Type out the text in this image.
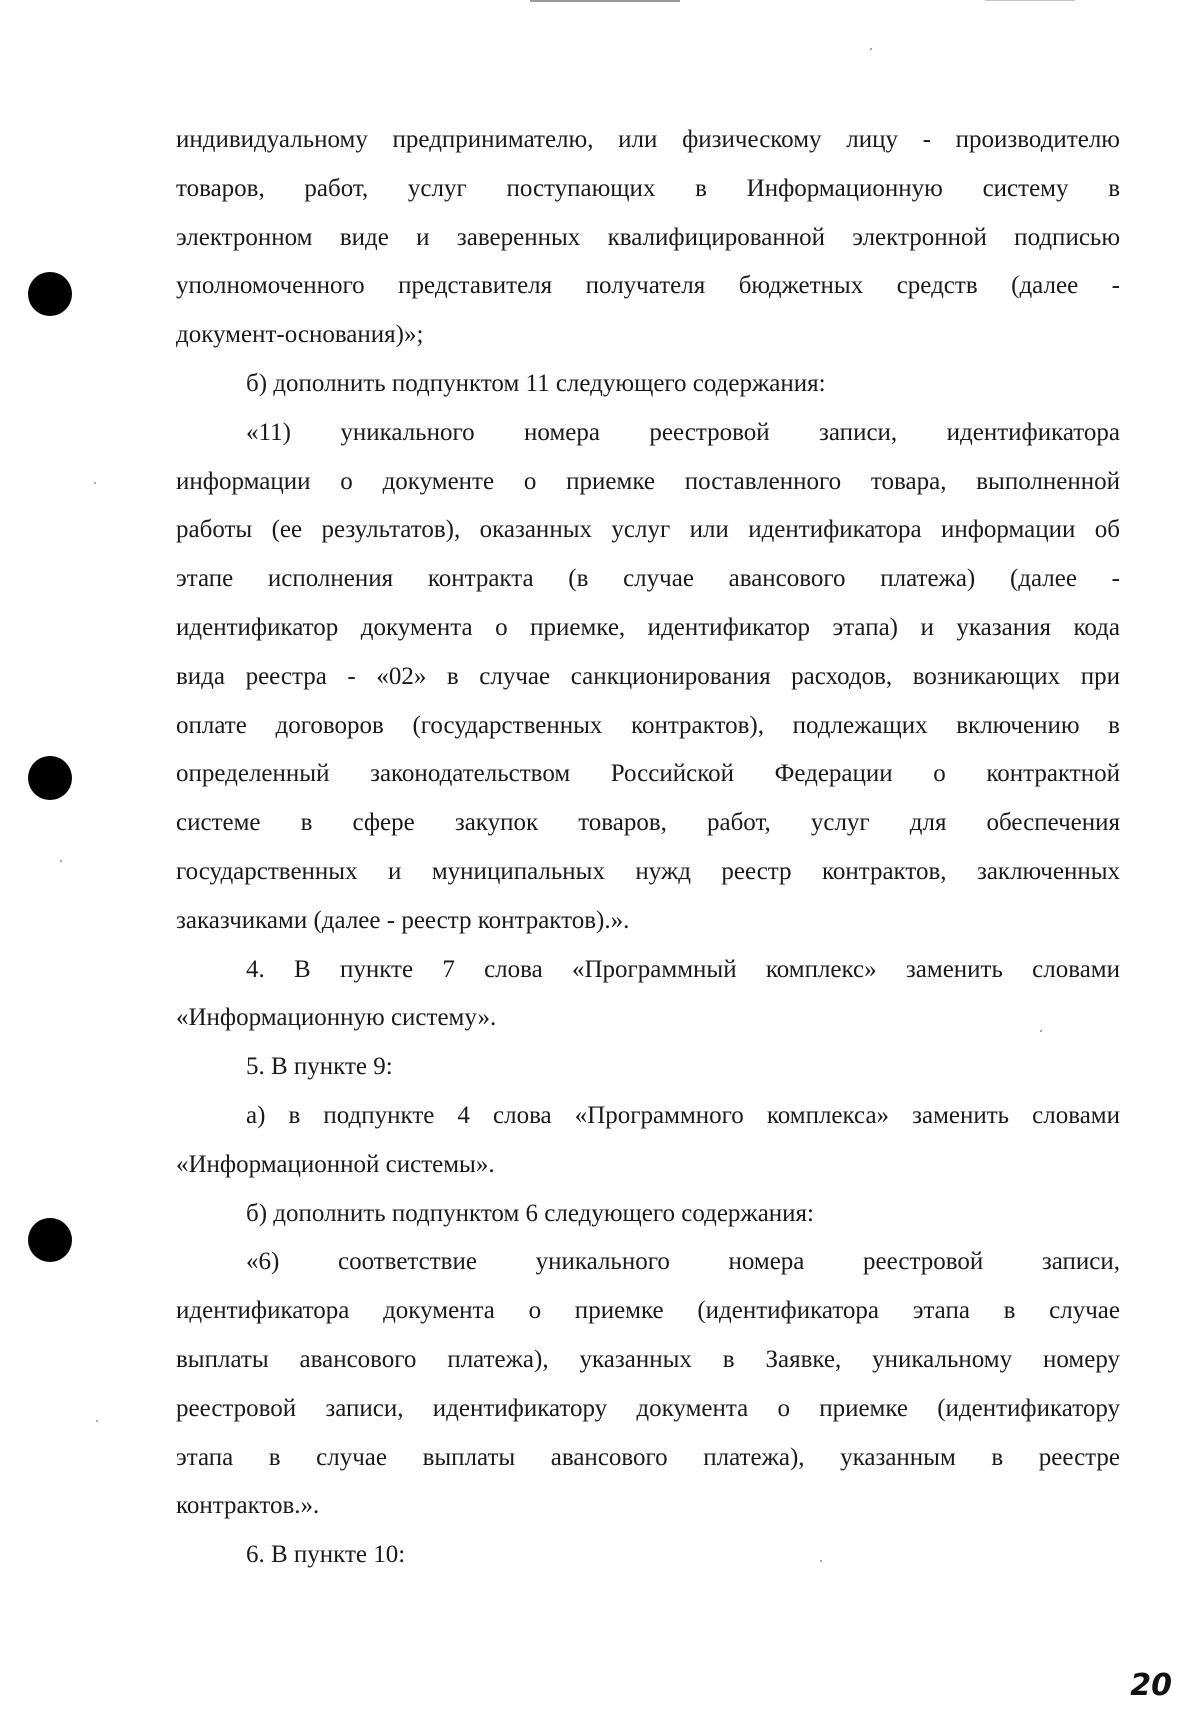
индивидуальному предпринимателю, или физическому лицу - производителю
товаров, работ, услуг поступающих в Информационную систему в
электронном виде и заверенных квалифицированной электронной подписью
уполномоченного представителя получателя бюджетных средств (далее -
документ-основания)»;
б) дополнить подпунктом 11 следующего содержания:
«11) уникального номера реестровой записи, идентификатора
информации о документе о приемке поставленного товара, выполненной
работы (ее результатов), оказанных услуг или идентификатора информации об
этапе исполнения контракта (в случае авансового платежа) (далее -
идентификатор документа о приемке, идентификатор этапа) и указания кода
вида реестра - «02» в случае санкционирования расходов, возникающих при
оплате договоров (государственных контрактов), подлежащих включению в
определенный законодательством Российской Федерации о контрактной
системе в сфере закупок товаров, работ, услуг для обеспечения
государственных и муниципальных нужд реестр контрактов, заключенных
заказчиками (далее - реестр контрактов).».
4. В пункте 7 слова «Программный комплекс» заменить словами
«Информационную систему».
5. В пункте 9:
а) в подпункте 4 слова «Программного комплекса» заменить словами
«Информационной системы».
б) дополнить подпунктом 6 следующего содержания:
«6) соответствие уникального номера реестровой записи,
идентификатора документа о приемке (идентификатора этапа в случае
выплаты авансового платежа), указанных в Заявке, уникальному номеру
реестровой записи, идентификатору документа о приемке (идентификатору
этапа в случае выплаты авансового платежа), указанным в реестре
контрактов.».
6. В пункте 10:
20
